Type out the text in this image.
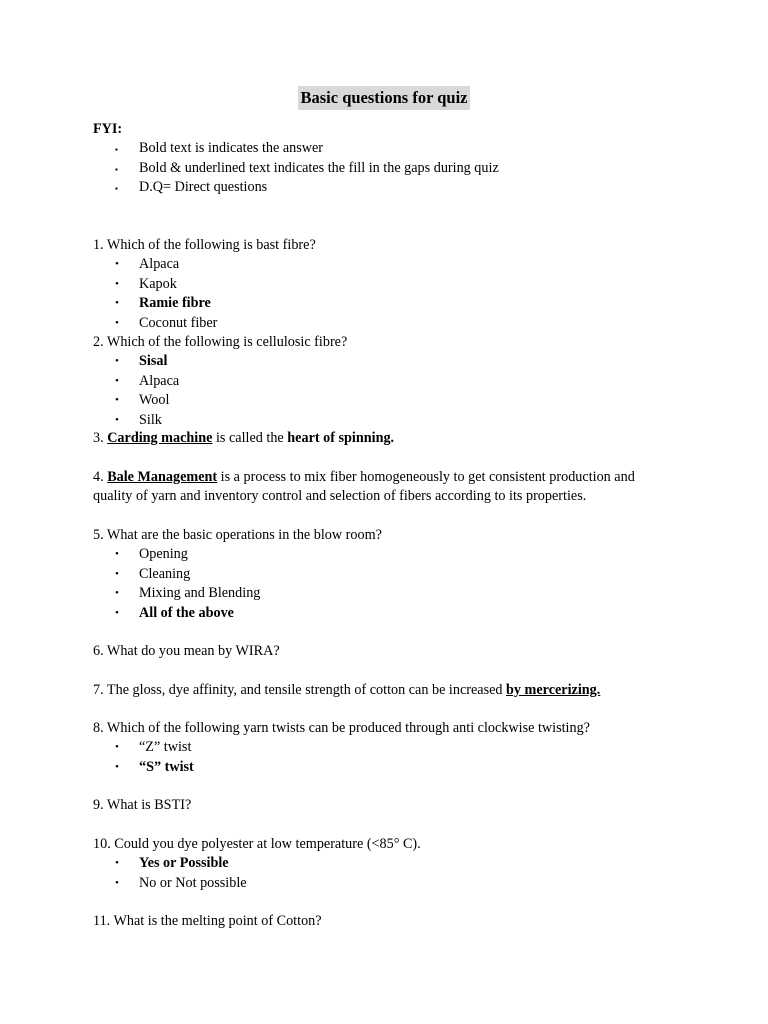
Basic questions for quiz
FYI:
▪ Bold text is indicates the answer
▪ Bold & underlined text indicates the fill in the gaps during quiz
▪ D.Q= Direct questions
1. Which of the following is bast fibre?
• Alpaca
• Kapok
• Ramie fibre
• Coconut fiber
2. Which of the following is cellulosic fibre?
• Sisal
• Alpaca
• Wool
• Silk
3. Carding machine is called the heart of spinning.
4. Bale Management is a process to mix fiber homogeneously to get consistent production and quality of yarn and inventory control and selection of fibers according to its properties.
5. What are the basic operations in the blow room?
• Opening
• Cleaning
• Mixing and Blending
• All of the above
6. What do you mean by WIRA?
7. The gloss, dye affinity, and tensile strength of cotton can be increased by mercerizing.
8. Which of the following yarn twists can be produced through anti clockwise twisting?
• “Z” twist
• “S” twist
9. What is BSTI?
10. Could you dye polyester at low temperature (<85° C).
• Yes or Possible
• No or Not possible
11. What is the melting point of Cotton?
